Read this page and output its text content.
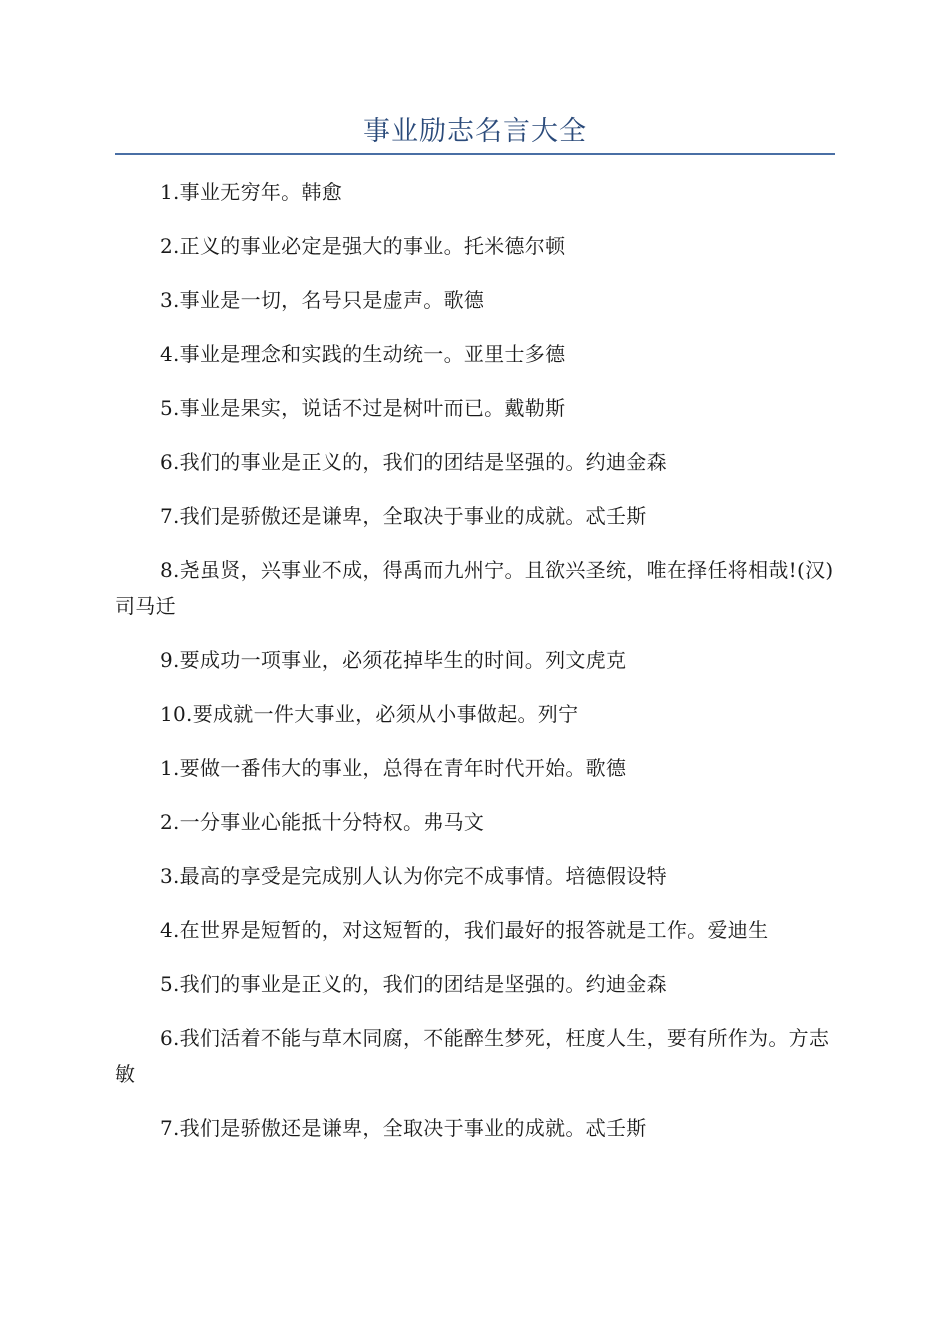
事业励志名言大全
1.事业无穷年。韩愈
2.正义的事业必定是强大的事业。托米德尔顿
3.事业是一切，名号只是虚声。歌德
4.事业是理念和实践的生动统一。亚里士多德
5.事业是果实，说话不过是树叶而已。戴勒斯
6.我们的事业是正义的，我们的团结是坚强的。约迪金森
7.我们是骄傲还是谦卑，全取决于事业的成就。忒壬斯
8.尧虽贤，兴事业不成，得禹而九州宁。且欲兴圣统，唯在择任将相哉!(汉)司马迁
9.要成功一项事业，必须花掉毕生的时间。列文虎克
10.要成就一件大事业，必须从小事做起。列宁
1.要做一番伟大的事业，总得在青年时代开始。歌德
2.一分事业心能抵十分特权。弗马文
3.最高的享受是完成别人认为你完不成事情。培德假设特
4.在世界是短暂的，对这短暂的，我们最好的报答就是工作。爱迪生
5.我们的事业是正义的，我们的团结是坚强的。约迪金森
6.我们活着不能与草木同腐，不能醉生梦死，枉度人生，要有所作为。方志敏
7.我们是骄傲还是谦卑，全取决于事业的成就。忒壬斯
